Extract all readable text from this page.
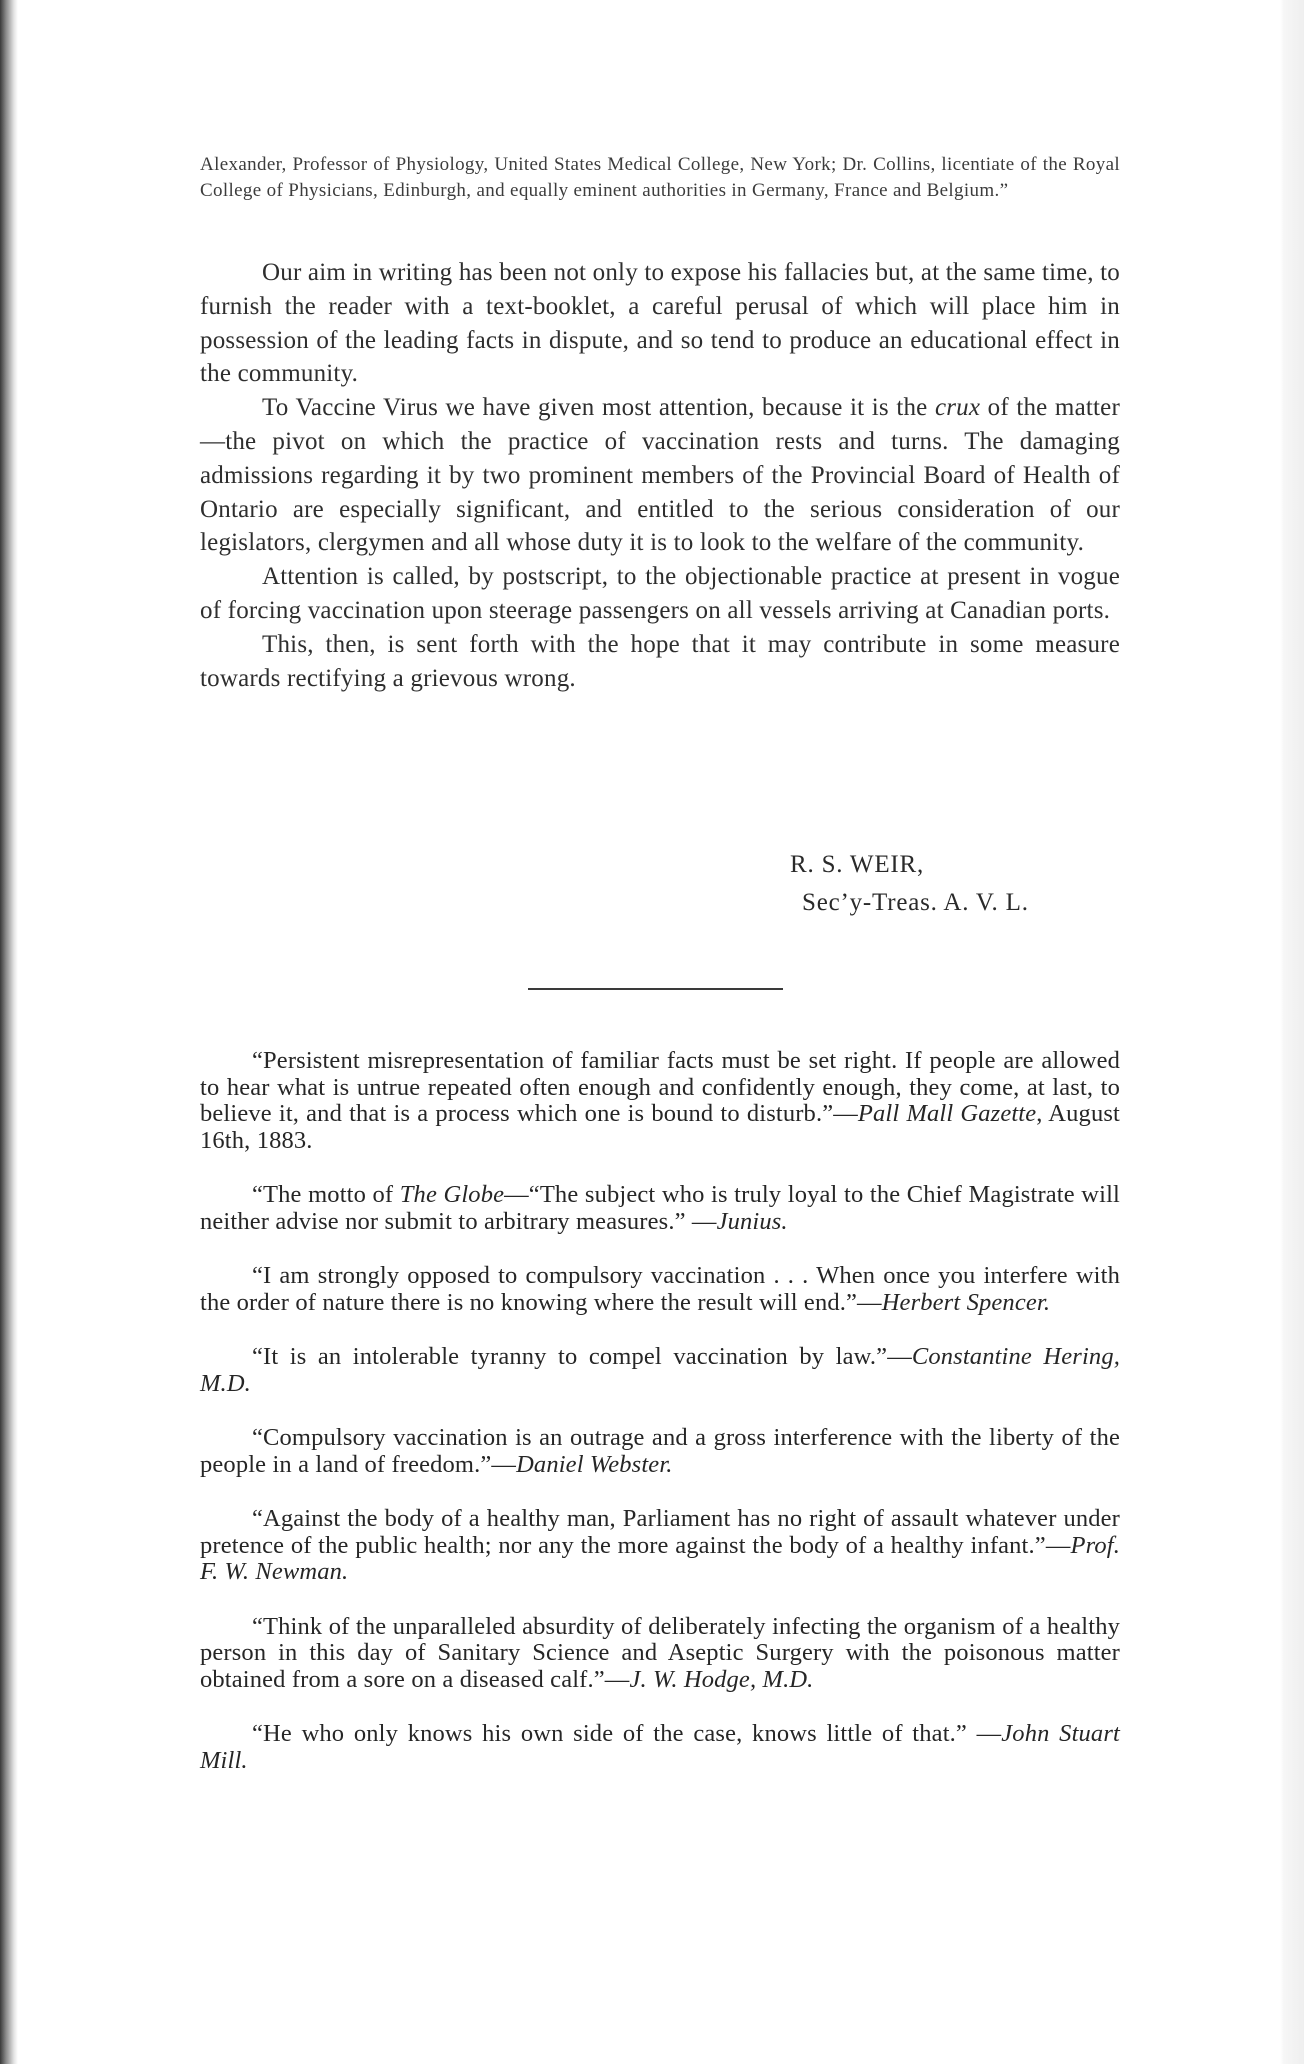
Alexander, Professor of Physiology, United States Medical College, New York; Dr. Collins, licentiate of the Royal College of Physicians, Edinburgh, and equally eminent authorities in Germany, France and Belgium.”

Our aim in writing has been not only to expose his fallacies but, at the same time, to furnish the reader with a text-booklet, a careful perusal of which will place him in possession of the leading facts in dispute, and so tend to produce an educational effect in the community.

To Vaccine Virus we have given most attention, because it is the crux of the matter—the pivot on which the practice of vaccination rests and turns. The damaging admissions regarding it by two prominent members of the Provincial Board of Health of Ontario are especially significant, and entitled to the serious consideration of our legislators, clergymen and all whose duty it is to look to the welfare of the community.

Attention is called, by postscript, to the objectionable practice at present in vogue of forcing vaccination upon steerage passengers on all vessels arriving at Canadian ports.

This, then, is sent forth with the hope that it may contribute in some measure towards rectifying a grievous wrong.

R. S. WEIR,
Sec’y-Treas. A. V. L.

“Persistent misrepresentation of familiar facts must be set right. If people are allowed to hear what is untrue repeated often enough and confidently enough, they come, at last, to believe it, and that is a process which one is bound to disturb.”—Pall Mall Gazette, August 16th, 1883.

“The motto of The Globe—“The subject who is truly loyal to the Chief Magistrate will neither advise nor submit to arbitrary measures.” —Junius.

“I am strongly opposed to compulsory vaccination . . . When once you interfere with the order of nature there is no knowing where the result will end.”—Herbert Spencer.

“It is an intolerable tyranny to compel vaccination by law.”—Constantine Hering, M.D.

“Compulsory vaccination is an outrage and a gross interference with the liberty of the people in a land of freedom.”—Daniel Webster.

“Against the body of a healthy man, Parliament has no right of assault whatever under pretence of the public health; nor any the more against the body of a healthy infant.”—Prof. F. W. Newman.

“Think of the unparalleled absurdity of deliberately infecting the organism of a healthy person in this day of Sanitary Science and Aseptic Surgery with the poisonous matter obtained from a sore on a diseased calf.”—J. W. Hodge, M.D.

“He who only knows his own side of the case, knows little of that.” —John Stuart Mill.
